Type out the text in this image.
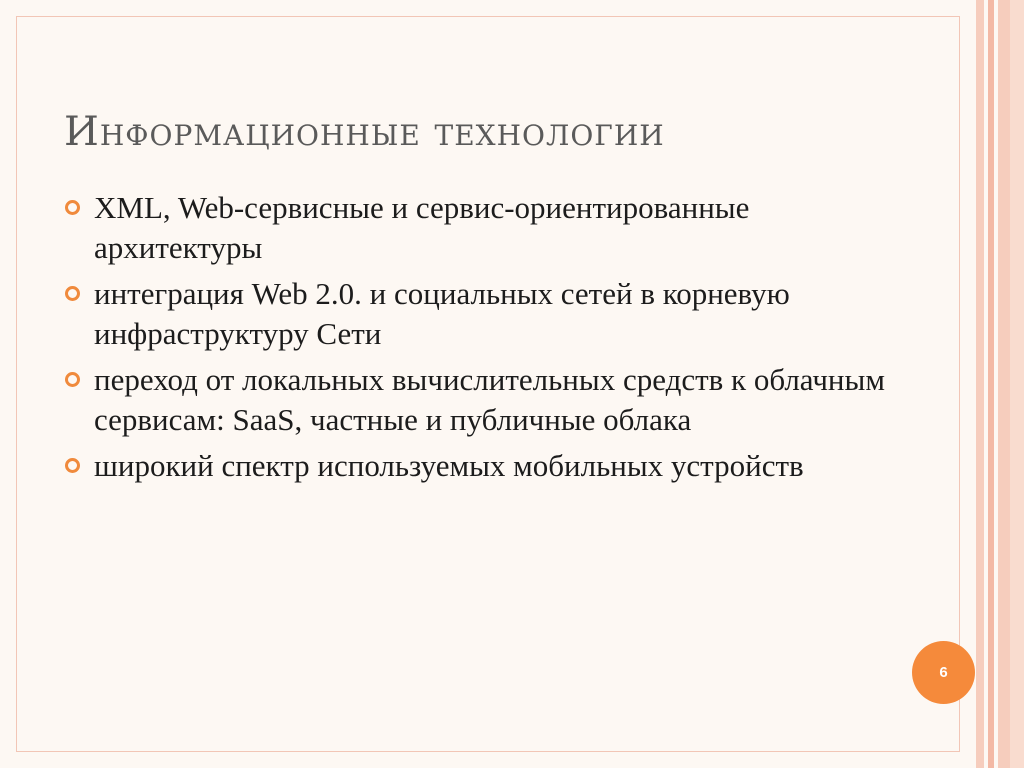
Информационные технологии
XML, Web-сервисные и сервис-ориентированные архитектуры
интеграция Web 2.0. и социальных сетей в корневую инфраструктуру Сети
переход от локальных вычислительных средств к облачным сервисам: SaaS, частные и публичные облака
широкий спектр используемых мобильных устройств
6
